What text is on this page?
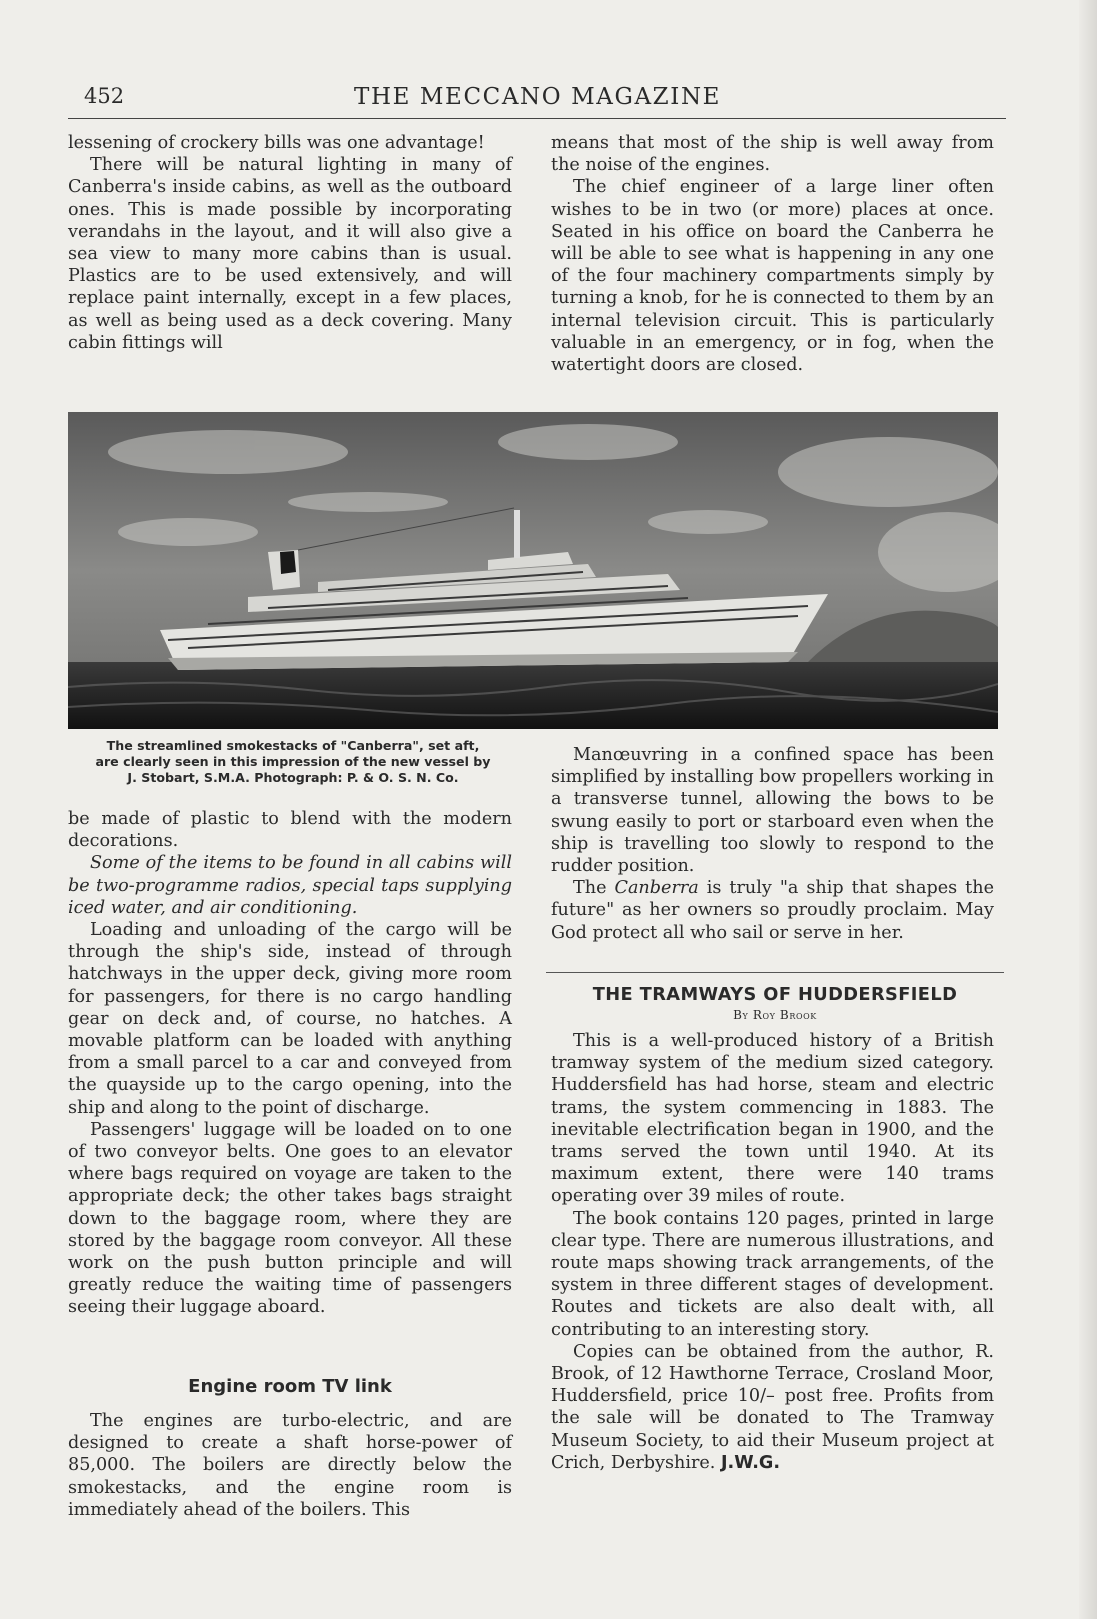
452	THE MECCANO MAGAZINE

lessening of crockery bills was one advantage!

There will be natural lighting in many of Canberra's inside cabins, as well as the outboard ones. This is made possible by incorporating verandahs in the layout, and it will also give a sea view to many more cabins than is usual. Plastics are to be used extensively, and will replace paint internally, except in a few places, as well as being used as a deck covering. Many cabin fittings will

means that most of the ship is well away from the noise of the engines.

The chief engineer of a large liner often wishes to be in two (or more) places at once. Seated in his office on board the Canberra he will be able to see what is happening in any one of the four machinery compartments simply by turning a knob, for he is connected to them by an internal television circuit. This is particularly valuable in an emergency, or in fog, when the watertight doors are closed.

The streamlined smokestacks of "Canberra", set aft,

are clearly seen in this impression of the new vessel by

J. Stobart, S.M.A. Photograph: P. & O. S. N. Co.

be made of plastic to blend with the modern decorations.

Some of the items to be found in all cabins will be two-programme radios, special taps supplying iced water, and air conditioning.

Loading and unloading of the cargo will be through the ship's side, instead of through hatchways in the upper deck, giving more room for passengers, for there is no cargo handling gear on deck and, of course, no hatches. A movable platform can be loaded with anything from a small parcel to a car and conveyed from the quayside up to the cargo opening, into the ship and along to the point of discharge.

Passengers' luggage will be loaded on to one of two conveyor belts. One goes to an elevator where bags required on voyage are taken to the appropriate deck; the other takes bags straight down to the baggage room, where they are stored by the baggage room conveyor. All these work on the push button principle and will greatly reduce the waiting time of passengers seeing their luggage aboard.

Engine room TV link

The engines are turbo-electric, and are designed to create a shaft horse-power of 85,000. The boilers are directly below the smokestacks, and the engine room is immediately ahead of the boilers. This

Manœuvring in a confined space has been simplified by installing bow propellers working in a transverse tunnel, allowing the bows to be swung easily to port or starboard even when the ship is travelling too slowly to respond to the rudder position.

The Canberra is truly "a ship that shapes the future" as her owners so proudly proclaim. May God protect all who sail or serve in her.

THE TRAMWAYS OF HUDDERSFIELD
By Roy Brook

This is a well-produced history of a British tramway system of the medium sized category. Huddersfield has had horse, steam and electric trams, the system commencing in 1883. The inevitable electrification began in 1900, and the trams served the town until 1940. At its maximum extent, there were 140 trams operating over 39 miles of route.

The book contains 120 pages, printed in large clear type. There are numerous illustrations, and route maps showing track arrangements, of the system in three different stages of development. Routes and tickets are also dealt with, all contributing to an interesting story.

Copies can be obtained from the author, R. Brook, of 12 Hawthorne Terrace, Crosland Moor, Huddersfield, price 10/– post free. Profits from the sale will be donated to The Tramway Museum Society, to aid their Museum project at Crich, Derbyshire. J.W.G.
